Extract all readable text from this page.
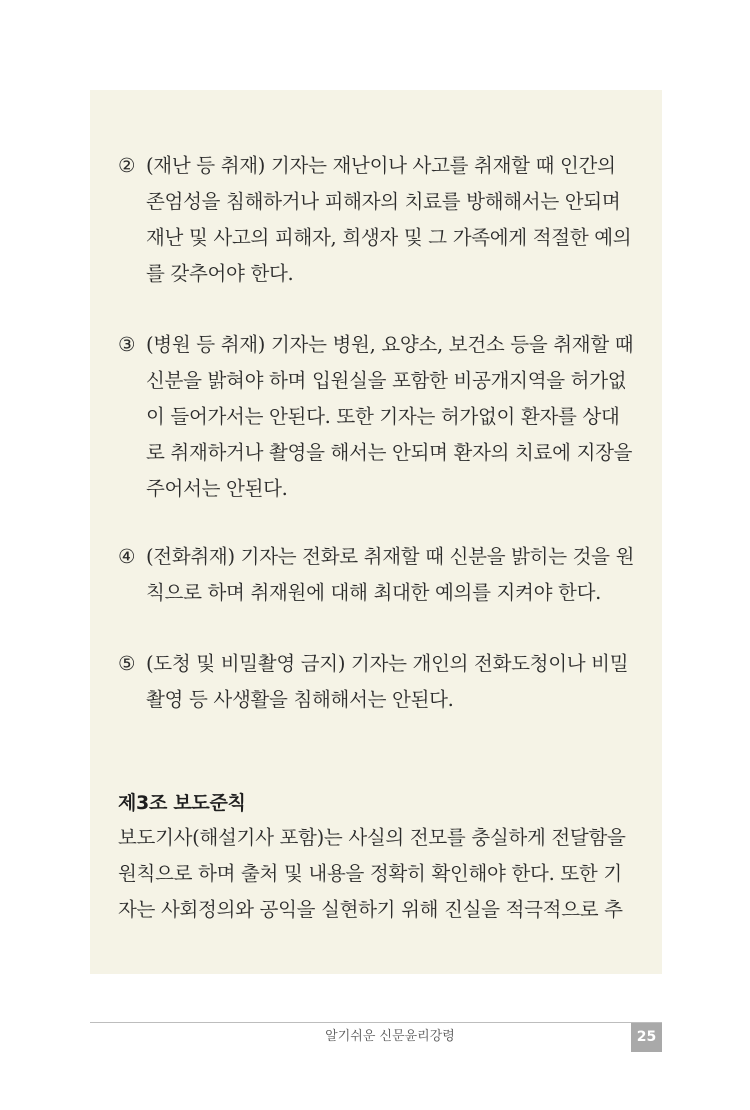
② (재난 등 취재) 기자는 재난이나 사고를 취재할 때 인간의
존엄성을 침해하거나 피해자의 치료를 방해해서는 안되며
재난 및 사고의 피해자, 희생자 및 그 가족에게 적절한 예의
를 갖추어야 한다.
③ (병원 등 취재) 기자는 병원, 요양소, 보건소 등을 취재할 때
신분을 밝혀야 하며 입원실을 포함한 비공개지역을 허가없
이 들어가서는 안된다. 또한 기자는 허가없이 환자를 상대
로 취재하거나 촬영을 해서는 안되며 환자의 치료에 지장을
주어서는 안된다.
④ (전화취재) 기자는 전화로 취재할 때 신분을 밝히는 것을 원
칙으로 하며 취재원에 대해 최대한 예의를 지켜야 한다.
⑤ (도청 및 비밀촬영 금지) 기자는 개인의 전화도청이나 비밀
촬영 등 사생활을 침해해서는 안된다.
제3조 보도준칙
보도기사(해설기사 포함)는 사실의 전모를 충실하게 전달함을
원칙으로 하며 출처 및 내용을 정확히 확인해야 한다. 또한 기
자는 사회정의와 공익을 실현하기 위해 진실을 적극적으로 추
알기쉬운 신문윤리강령	25
